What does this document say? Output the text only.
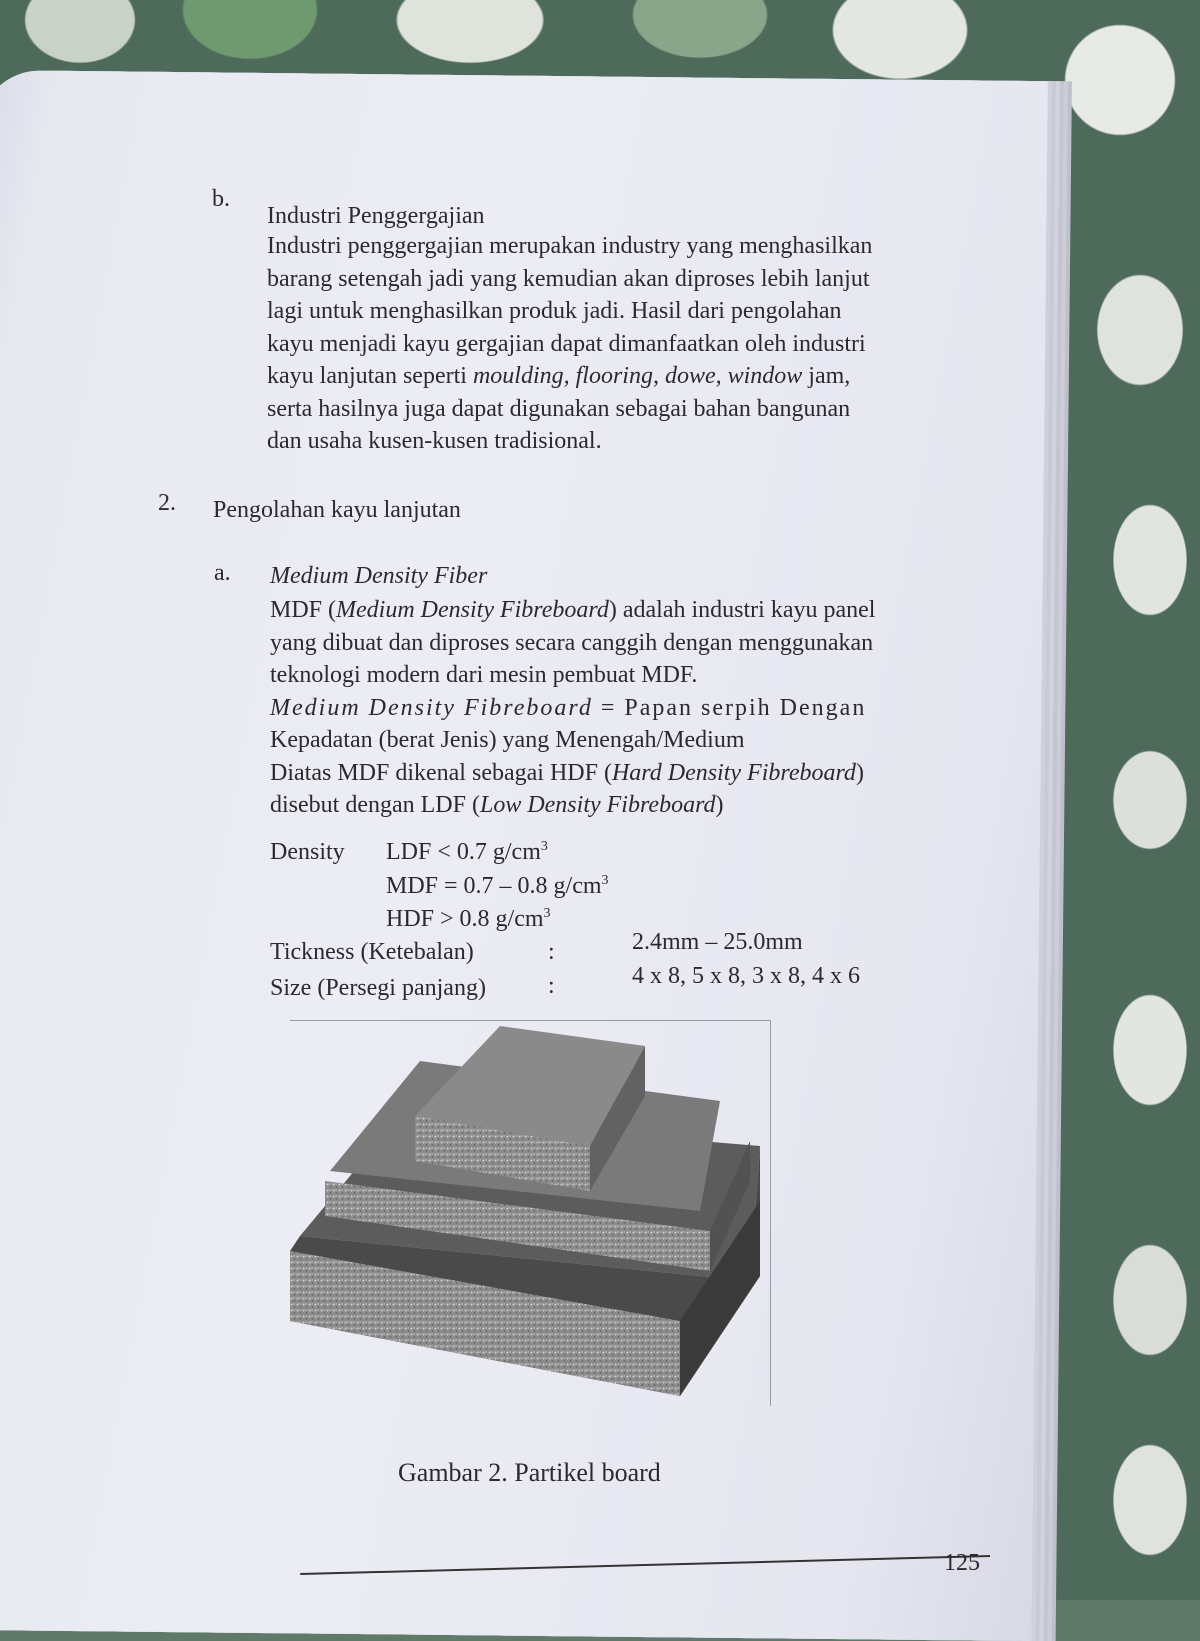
b.
Industri Penggergajian

Industri penggergajian merupakan industry yang menghasilkan

barang setengah jadi yang kemudian akan diproses lebih lanjut

lagi untuk menghasilkan produk jadi. Hasil dari pengolahan

kayu menjadi kayu gergajian dapat dimanfaatkan oleh industri

kayu lanjutan seperti moulding, flooring, dowe, window jam,

serta hasilnya juga dapat digunakan sebagai bahan bangunan

dan usaha kusen-kusen tradisional.

2. Pengolahan kayu lanjutan
a. Medium Density Fiber

MDF (Medium Density Fibreboard) adalah industri kayu panel

yang dibuat dan diproses secara canggih dengan menggunakan

teknologi modern dari mesin pembuat MDF.

Medium Density Fibreboard = Papan serpih Dengan

Kepadatan (berat Jenis) yang Menengah/Medium

Diatas MDF dikenal sebagai HDF (Hard Density Fibreboard)

disebut dengan LDF (Low Density Fibreboard)

Density LDF < 0.7 $g/cm^3$
MDF = 0.7 – 0.8 $g/cm^3$
HDF > 0.8 $g/cm^3$
Tickness (Ketebalan)	:	2.4mm – 25.0mm
Size (Persegi panjang)	:	4 x 8, 5 x 8, 3 x 8, 4 x 6
Gambar 2. Partikel board
125
